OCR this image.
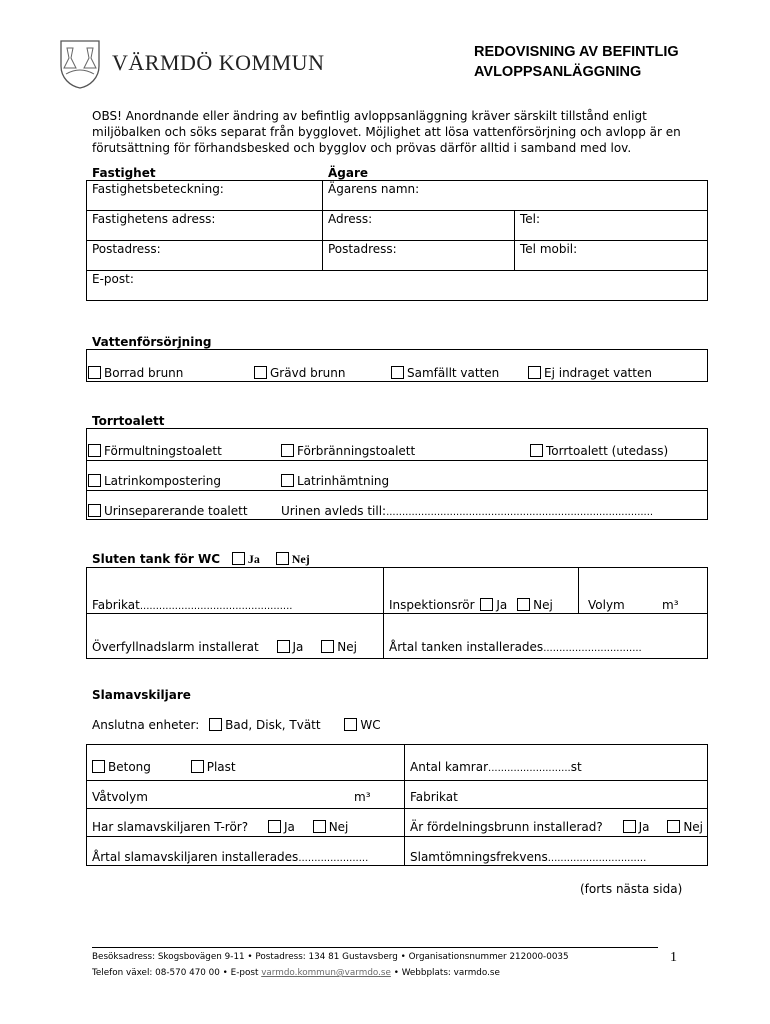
VÄRMDÖ KOMMUN	REDOVISNING AV BEFINTLIG
AVLOPPSANLÄGGNING
OBS! Anordnande eller ändring av befintlig avloppsanläggning kräver särskilt tillstånd enligt
miljöbalken och söks separat från bygglovet. Möjlighet att lösa vattenförsörjning och avlopp är en
förutsättning för förhandsbesked och bygglov och prövas därför alltid i samband med lov.
Fastighet	Ägare
Fastighetsbeteckning:	Ägarens namn:
Fastighetens adress:	Adress:	Tel:
Postadress:	Postadress:	Tel mobil:
E-post:
Vattenförsörjning
Borrad brunn	Grävd brunn	Samfällt vatten	Ej indraget vatten
Torrtoalett
Förmultningstoalett	Förbränningstoalett	Torrtoalett (utedass)
Latrinkompostering	Latrinhämtning
Urinseparerande toalett	Urinen avleds till:....................................................................................
Sluten tank för WC Ja	Nej
Fabrikat................................................	Inspektionsrör Ja Nej	Volym	m³
Överfyllnadslarm installerat	Ja	Nej	Årtal tanken installerades...............................
Slamavskiljare
Anslutna enheter: Bad, Disk, Tvätt	WC
Betong	Plast	Antal kamrar..........................st
Våtvolym	m³	Fabrikat
Har slamavskiljaren T-rör?	Ja	Nej	Är fördelningsbrunn installerad?	Ja	Nej
Årtal slamavskiljaren installerades......................	Slamtömningsfrekvens...............................
(forts nästa sida)
Besöksadress: Skogsbovägen 9-11 • Postadress: 134 81 Gustavsberg • Organisationsnummer 212000-0035
Telefon växel: 08-570 470 00 • E-post varmdo.kommun@varmdo.se • Webbplats: varmdo.se
1
